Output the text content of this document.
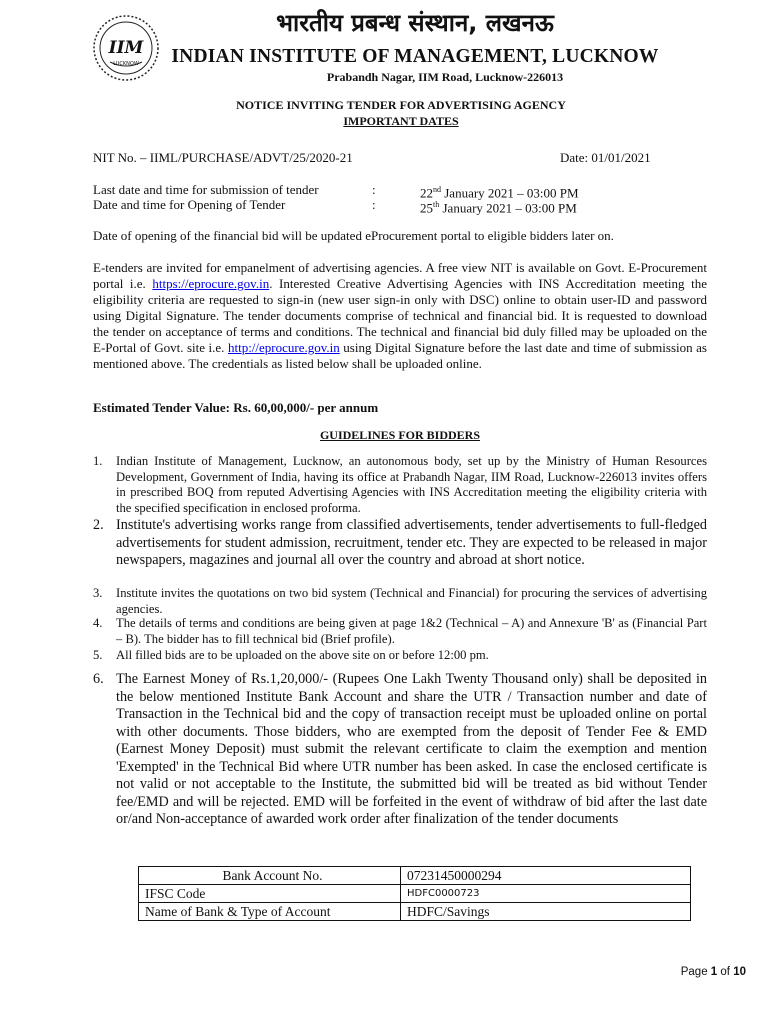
IIM
LUCKNOW
भारतीय प्रबन्ध संस्थान, लखनऊ
INDIAN INSTITUTE OF MANAGEMENT, LUCKNOW
Prabandh Nagar, IIM Road, Lucknow-226013
NOTICE INVITING TENDER FOR ADVERTISING AGENCY
IMPORTANT DATES
NIT No. – IIML/PURCHASE/ADVT/25/2020-21	Date: 01/01/2021
Last date and time for submission of tender	:	22nd January 2021 – 03:00 PM
Date and time for Opening of Tender	:	25th January 2021 – 03:00 PM
Date of opening of the financial bid will be updated eProcurement portal to eligible bidders later on.
E-tenders are invited for empanelment of advertising agencies. A free view NIT is available on Govt. E-Procurement portal i.e. https://eprocure.gov.in. Interested Creative Advertising Agencies with INS Accreditation meeting the eligibility criteria are requested to sign-in (new user sign-in only with DSC) online to obtain user-ID and password using Digital Signature. The tender documents comprise of technical and financial bid. It is requested to download the tender on acceptance of terms and conditions. The technical and financial bid duly filled may be uploaded on the E-Portal of Govt. site i.e. http://eprocure.gov.in using Digital Signature before the last date and time of submission as mentioned above. The credentials as listed below shall be uploaded online.
Estimated Tender Value: Rs. 60,00,000/- per annum
GUIDELINES FOR BIDDERS
1. Indian Institute of Management, Lucknow, an autonomous body, set up by the Ministry of Human Resources Development, Government of India, having its office at Prabandh Nagar, IIM Road, Lucknow-226013 invites offers in prescribed BOQ from reputed Advertising Agencies with INS Accreditation meeting the eligibility criteria with the specified specification in enclosed proforma.
2. Institute's advertising works range from classified advertisements, tender advertisements to full-fledged advertisements for student admission, recruitment, tender etc. They are expected to be released in major newspapers, magazines and journal all over the country and abroad at short notice.
3. Institute invites the quotations on two bid system (Technical and Financial) for procuring the services of advertising agencies.
4. The details of terms and conditions are being given at page 1&2 (Technical – A) and Annexure 'B' as (Financial Part – B). The bidder has to fill technical bid (Brief profile).
5. All filled bids are to be uploaded on the above site on or before 12:00 pm.
6. The Earnest Money of Rs.1,20,000/- (Rupees One Lakh Twenty Thousand only) shall be deposited in the below mentioned Institute Bank Account and share the UTR / Transaction number and date of Transaction in the Technical bid and the copy of transaction receipt must be uploaded online on portal with other documents. Those bidders, who are exempted from the deposit of Tender Fee & EMD (Earnest Money Deposit) must submit the relevant certificate to claim the exemption and mention 'Exempted' in the Technical Bid where UTR number has been asked. In case the enclosed certificate is not valid or not acceptable to the Institute, the submitted bid will be treated as bid without Tender fee/EMD and will be rejected. EMD will be forfeited in the event of withdraw of bid after the last date or/and Non-acceptance of awarded work order after finalization of the tender documents
Bank Account No.	07231450000294
IFSC Code	HDFC0000723
Name of Bank & Type of Account	HDFC/Savings
Page 1 of 10
